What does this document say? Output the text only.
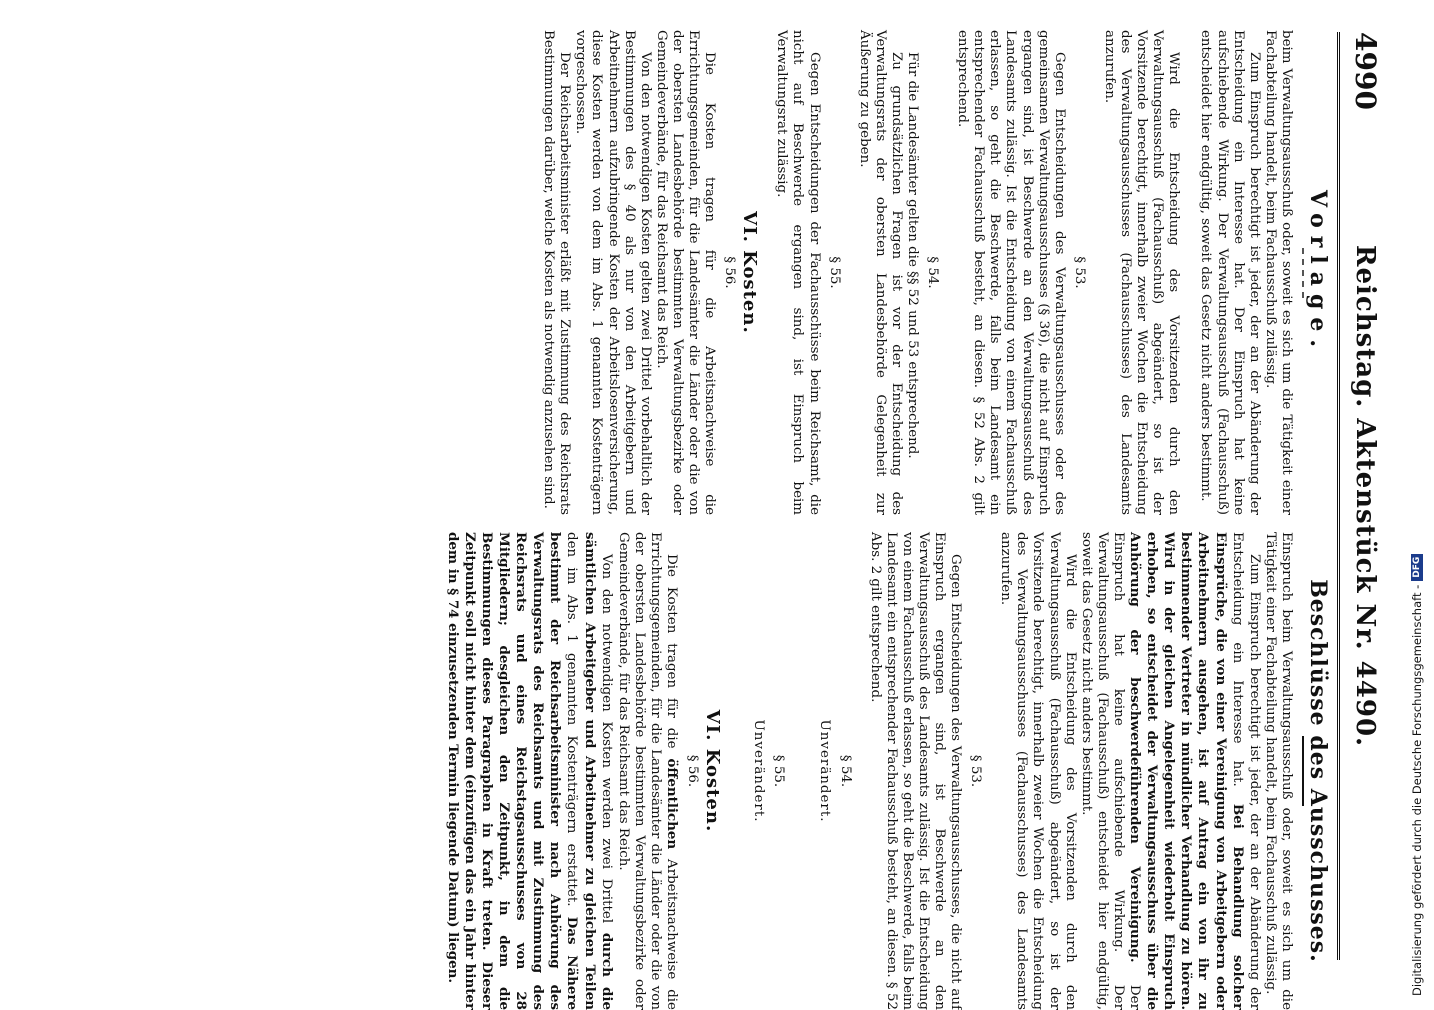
4990
Reichstag. Aktenstück Nr. 4490.
Vorlage.

beim Verwaltungsausschuß oder, soweit es sich um die Tätigkeit einer Fachabteilung handelt, beim Fachausschuß zulässig.

Zum Einspruch berechtigt ist jeder, der an der Abänderung der Entscheidung ein Interesse hat. Der Einspruch hat keine aufschiebende Wirkung. Der Verwaltungsausschuß (Fachausschuß) entscheidet hier endgültig, soweit das Gesetz nicht anders bestimmt.

Wird die Entscheidung des Vorsitzenden durch den Verwaltungsausschuß (Fachausschuß) abgeändert, so ist der Vorsitzende berechtigt, innerhalb zweier Wochen die Entscheidung des Verwaltungsausschusses (Fachausschusses) des Landesamts anzurufen.

§ 53.

Gegen Entscheidungen des Verwaltungsausschusses oder des gemeinsamen Verwaltungsausschusses (§ 36), die nicht auf Einspruch ergangen sind, ist Beschwerde an den Verwaltungsausschuß des Landesamts zulässig. Ist die Entscheidung von einem Fachausschuß erlassen, so geht die Beschwerde, falls beim Landesamt ein entsprechender Fachausschuß besteht, an diesen. § 52 Abs. 2 gilt entsprechend.

§ 54.

Für die Landesämter gelten die §§ 52 und 53 entsprechend.

Zu grundsätzlichen Fragen ist vor der Entscheidung des Verwaltungsrats der obersten Landesbehörde Gelegenheit zur Äußerung zu geben.

§ 55.

Gegen Entscheidungen der Fachausschüsse beim Reichsamt, die nicht auf Beschwerde ergangen sind, ist Einspruch beim Verwaltungsrat zulässig.

VI. Kosten.
§ 56.

Die Kosten tragen für die Arbeitsnachweise die Errichtungsgemeinden, für die Landesämter die Länder oder die von der obersten Landesbehörde bestimmten Verwaltungsbezirke oder Gemeindeverbände, für das Reichsamt das Reich.

Von den notwendigen Kosten gelten zwei Drittel vorbehaltlich der Bestimmungen des § 40 als nur von den Arbeitgebern und Arbeitnehmern aufzubringende Kosten der Arbeitslosenversicherung, diese Kosten werden von dem im Abs. 1 genannten Kostenträgern vorgeschossen.

Der Reichsarbeitsminister erläßt mit Zustimmung des Reichsrats Bestimmungen darüber, welche Kosten als notwendig anzusehen sind.

Beschlüsse des Ausschusses.

Einspruch beim Verwaltungsausschuß oder, soweit es sich um die Tätigkeit einer Fachabteilung handelt, beim Fachausschuß zulässig.

Zum Einspruch berechtigt ist jeder, der an der Abänderung der Entscheidung ein Interesse hat. Bei Behandlung solcher Einsprüche, die von einer Vereinigung von Arbeitgebern oder Arbeitnehmern ausgehen, ist auf Antrag ein von ihr zu bestimmender Vertreter in mündlicher Verhandlung zu hören. Wird in der gleichen Angelegenheit wiederholt Einspruch erhoben, so entscheidet der Verwaltungsausschuss über die Anhörung der beschwerdeführenden Vereinigung. Der Einspruch hat keine aufschiebende Wirkung. Der Verwaltungsausschuß (Fachausschuß) entscheidet hier endgültig, soweit das Gesetz nicht anders bestimmt.

Wird die Entscheidung des Vorsitzenden durch den Verwaltungsausschuß (Fachausschuß) abgeändert, so ist der Vorsitzende berechtigt, innerhalb zweier Wochen die Entscheidung des Verwaltungsausschusses (Fachausschusses) des Landesamts anzurufen.

§ 53.

Gegen Entscheidungen des Verwaltungsausschusses, die nicht auf Einspruch ergangen sind, ist Beschwerde an den Verwaltungsausschuß des Landesamts zulässig. Ist die Entscheidung von einem Fachausschuß erlassen, so geht die Beschwerde, falls beim Landesamt ein entsprechender Fachausschuß besteht, an diesen. § 52 Abs. 2 gilt entsprechend.

§ 54.
Unverändert.
§ 55.
Unverändert.
VI. Kosten.
§ 56.

Die Kosten tragen für die öffentlichen Arbeitsnachweise die Errichtungsgemeinden, für die Landesämter die Länder oder die von der obersten Landesbehörde bestimmten Verwaltungsbezirke oder Gemeindeverbände, für das Reichsamt das Reich.

Von den notwendigen Kosten werden zwei Drittel durch die sämtlichen Arbeitgeber und Arbeitnehmer zu gleichen Teilen den im Abs. 1 genannten Kostenträgern erstattet. Das Nähere bestimmt der Reichsarbeitsminister nach Anhörung des Verwaltungsrats des Reichsamts und mit Zustimmung des Reichsrats und eines Reichstagsausschusses von 28 Mitgliedern; desgleichen den Zeitpunkt, in dem die Bestimmungen dieses Paragraphen in Kraft treten. Dieser Zeitpunkt soll nicht hinter dem (einzufügen das ein Jahr hinter dem in § 74 einzusetzenden Termin liegende Datum) liegen.	Digitalisierung gefördert durch die Deutsche Forschungsgemeinschaft -
DFG
